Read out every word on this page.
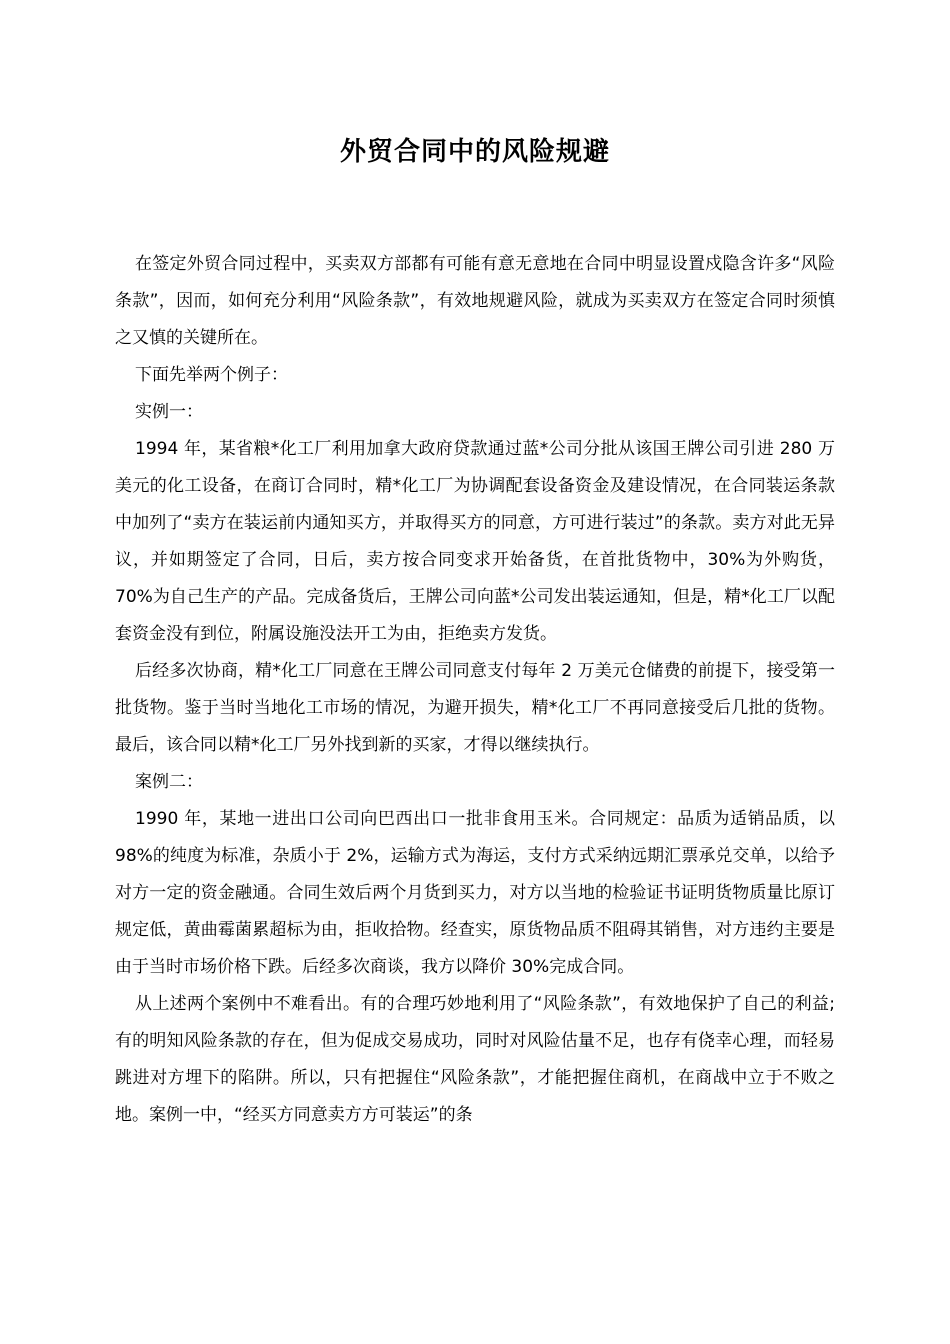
外贸合同中的风险规避

在签定外贸合同过程中，买卖双方部都有可能有意无意地在合同中明显设置戍隐含许多“风险条款”，因而，如何充分利用“风险条款”，有效地规避风险，就成为买卖双方在签定合同时须慎之又慎的关键所在。

下面先举两个例子：

实例一：

1994 年，某省粮*化工厂利用加拿大政府贷款通过蓝*公司分批从该国王牌公司引进 280 万美元的化工设备，在商订合同时，精*化工厂为协调配套设备资金及建设情况，在合同装运条款中加列了“卖方在装运前内通知买方，并取得买方的同意，方可进行装过”的条款。卖方对此无异议，并如期签定了合同，日后，卖方按合同变求开始备货，在首批货物中，30%为外购货，70%为自己生产的产品。完成备货后，王牌公司向蓝*公司发出装运通知，但是，精*化工厂以配套资金没有到位，附属设施没法开工为由，拒绝卖方发货。

后经多次协商，精*化工厂同意在王牌公司同意支付每年 2 万美元仓储费的前提下，接受第一批货物。鉴于当时当地化工市场的情况，为避开损失，精*化工厂不再同意接受后几批的货物。最后，该合同以精*化工厂另外找到新的买家，才得以继续执行。

案例二：

1990 年，某地一进出口公司向巴西出口一批非食用玉米。合同规定：品质为适销品质，以 98%的纯度为标准，杂质小于 2%，运输方式为海运，支付方式采纳远期汇票承兑交单，以给予对方一定的资金融通。合同生效后两个月货到买力，对方以当地的检验证书证明货物质量比原订规定低，黄曲霉菌累超标为由，拒收拾物。经查实，原货物品质不阻碍其销售，对方违约主要是由于当时市场价格下跌。后经多次商谈，我方以降价 30%完成合同。

从上述两个案例中不难看出。有的合理巧妙地利用了“风险条款”，有效地保护了自己的利益;有的明知风险条款的存在，但为促成交易成功，同时对风险估量不足，也存有侥幸心理，而轻易跳进对方埋下的陷阱。所以，只有把握住“风险条款”，才能把握住商机，在商战中立于不败之地。案例一中，“经买方同意卖方方可装运”的条
